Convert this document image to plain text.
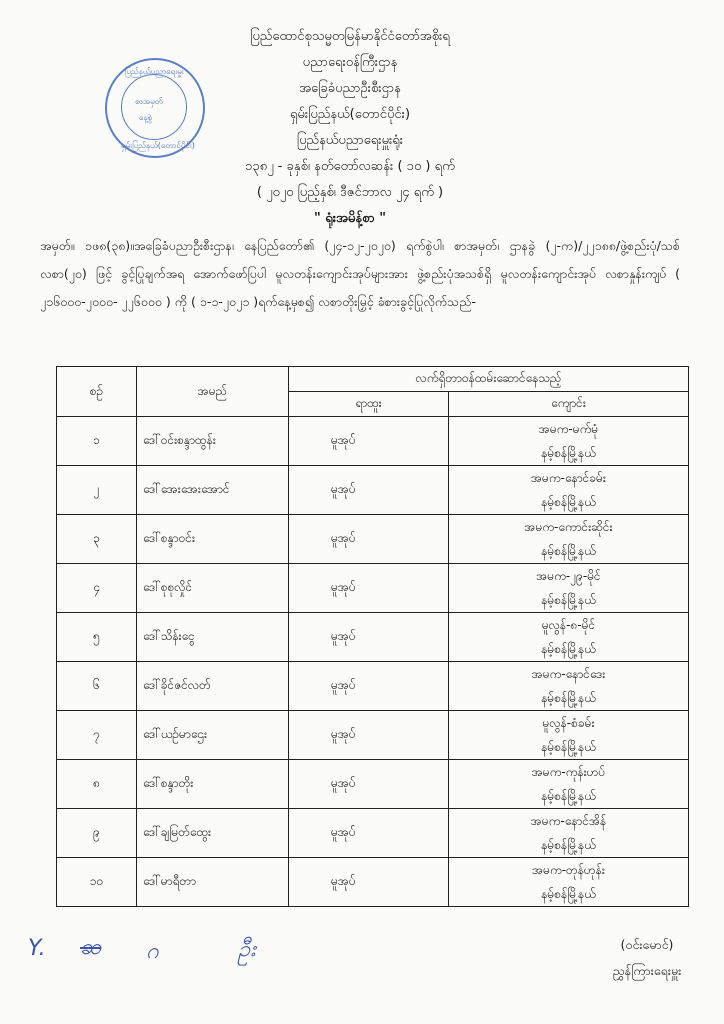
ပြည်နယ်ပညာရေးမှူး
စာအမှတ်
နေ့စွဲ
ရှမ်းပြည်နယ်(တောင်ပိုင်း)
ပြည်ထောင်စုသမ္မတမြန်မာနိုင်ငံတော်အစိုးရ
ပညာရေးဝန်ကြီးဌာန
အခြေခံပညာဦးစီးဌာန
ရှမ်းပြည်နယ်(တောင်ပိုင်း)
ပြည်နယ်ပညာရေးမှူးရုံး
၁၃၈၂ - ခုနှစ်၊ နတ်တော်လဆန်း ( ၁၀ ) ရက်
( ၂၀၂၀ ပြည့်နှစ်၊ ဒီဇင်ဘာလ ၂၄ ရက် )
" ရုံးအမိန့်စာ "
အမှတ်။ ၁ဖ၈(၃၈)။အခြေခံပညာဦးစီးဌာန၊ နေပြည်တော်၏ (၂၄-၁၂-၂၀၂၀) ရက်စွဲပါ၊ စာအမှတ်၊ ဌာနခွဲ (၂-က)/၂၂၁၈၈/ဖွဲ့စည်းပုံ/သစ်လစာ(၂၀) ဖြင့် ခွင့်ပြုချက်အရ အောက်ဖော်ပြပါ မူလတန်းကျောင်းအုပ်များအား ဖွဲ့စည်းပုံအသစ်ရှိ မူလတန်းကျောင်းအုပ် လစာနှုန်းကျပ် ( ၂၁၆၀၀၀-၂၀၀၀- ၂၂၆၀၀၀ ) ကို ( ၁-၁-၂၀၂၁ )ရက်နေ့မှစ၍ လစာတိုးမြှင့် ခံစားခွင့်ပြုလိုက်သည်-
စဉ်	အမည်	လက်ရှိတာဝန်ထမ်းဆောင်နေသည့်	
		ရာထူး	ကျောင်း
၁	ဒေါ်ဝင်းစန္ဒာထွန်း	မူအုပ်	အမက-မက်မုံ
နမ့်စန်မြို့နယ်

၂	ဒေါ်အေးအေးအောင်	မူအုပ်	အမက-နောင်ခမ်း
နမ့်စန်မြို့နယ်

၃	ဒေါ်စန္ဒာဝင်း	မူအုပ်	အမက-ကောင်းဆိုင်း
နမ့်စန်မြို့နယ်

၄	ဒေါ်စုစုလှိုင်	မူအုပ်	အမက-၂၉-မိုင်
နမ့်စန်မြို့နယ်

၅	ဒေါ်သိန်းငွေ	မူအုပ်	မူလွန်-၈-မိုင်
နမ့်စန်မြို့နယ်

၆	ဒေါ်ခိုင်ဇင်လတ်	မူအုပ်	အမက-နောင်ဒေး
နမ့်စန်မြို့နယ်

၇	ဒေါ်ယဉ်မာဌေး	မူအုပ်	မူလွန်-စံခမ်း
နမ့်စန်မြို့နယ်

၈	ဒေါ်စန္ဒာတိုး	မူအုပ်	အမက-ကုန်းဟပ်
နမ့်စန်မြို့နယ်

၉	ဒေါ်ချမြတ်ထွေး	မူအုပ်	အမက-နောင်အိန်
နမ့်စန်မြို့နယ်

၁၀	ဒေါ်မာရီတာ	မူအုပ်	အမက-တုန်ဟုန်း
နမ့်စန်မြို့နယ်
Y. ဆ ဂ	ဦး	(ဝင်းမောင်)
ညွှန်ကြားရေးမှူး
